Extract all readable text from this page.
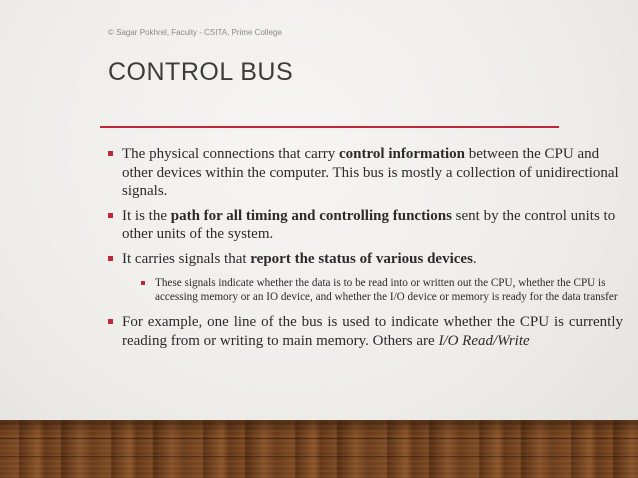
© Sagar Pokhrel, Faculty - CSITA, Prime College
CONTROL BUS
The physical connections that carry control information between the CPU and other devices within the computer. This bus is mostly a collection of unidirectional signals.
It is the path for all timing and controlling functions sent by the control units to other units of the system.
It carries signals that report the status of various devices.
These signals indicate whether the data is to be read into or written out the CPU, whether the CPU is accessing memory or an IO device, and whether the I/O device or memory is ready for the data transfer
For example, one line of the bus is used to indicate whether the CPU is currently reading from or writing to main memory. Others are I/O Read/Write
